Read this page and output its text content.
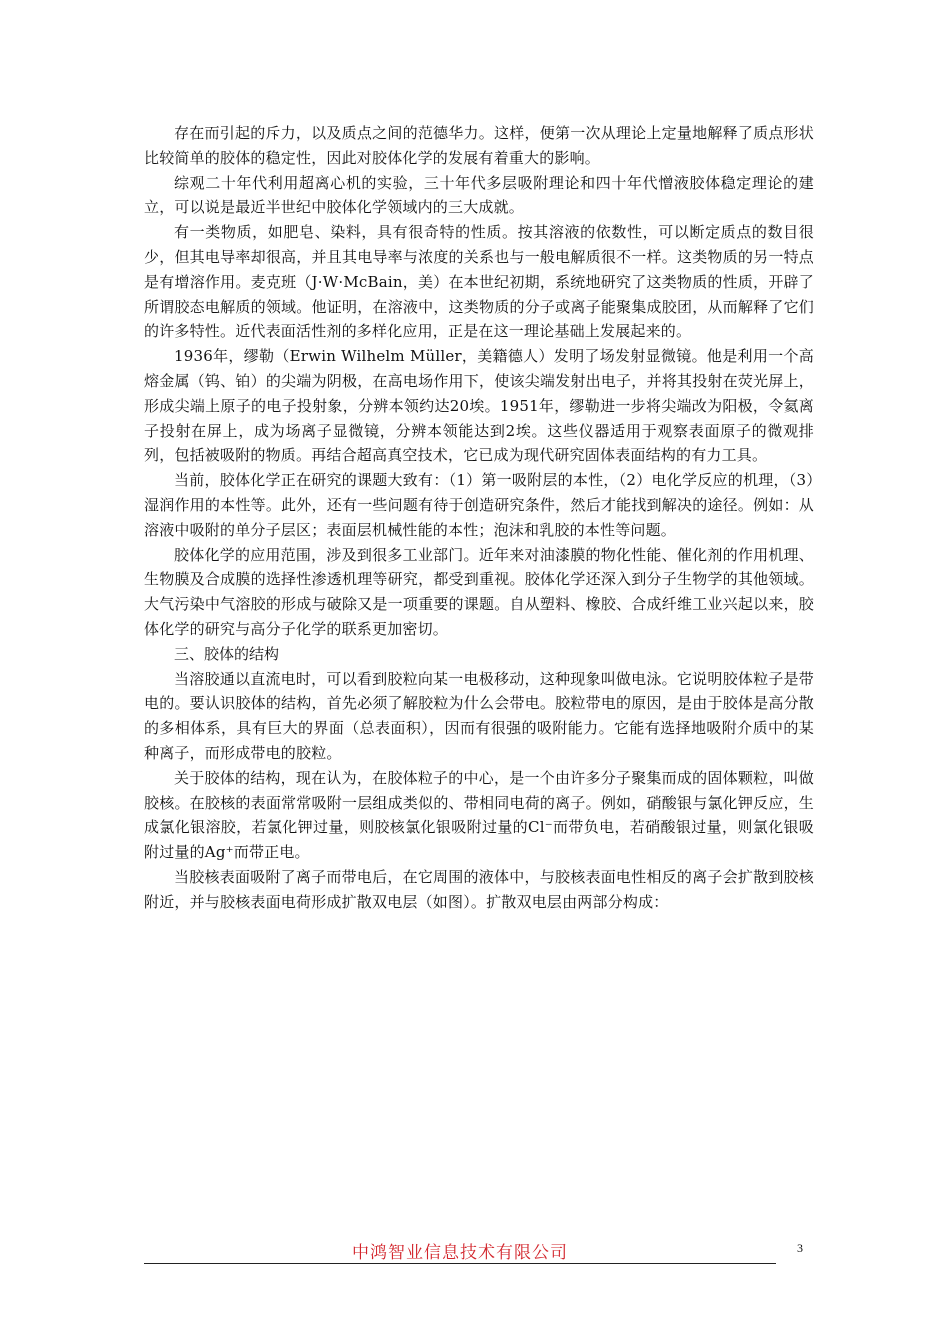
存在而引起的斥力，以及质点之间的范德华力。这样，便第一次从理论上定量地解释了质点形状比较简单的胶体的稳定性，因此对胶体化学的发展有着重大的影响。

综观二十年代利用超离心机的实验，三十年代多层吸附理论和四十年代憎液胶体稳定理论的建立，可以说是最近半世纪中胶体化学领域内的三大成就。

有一类物质，如肥皂、染料，具有很奇特的性质。按其溶液的依数性，可以断定质点的数目很少，但其电导率却很高，并且其电导率与浓度的关系也与一般电解质很不一样。这类物质的另一特点是有增溶作用。麦克班（J·W·McBain，美）在本世纪初期，系统地研究了这类物质的性质，开辟了所谓胶态电解质的领域。他证明，在溶液中，这类物质的分子或离子能聚集成胶团，从而解释了它们的许多特性。近代表面活性剂的多样化应用，正是在这一理论基础上发展起来的。

1936年，缪勒（Erwin Wilhelm Müller，美籍德人）发明了场发射显微镜。他是利用一个高熔金属（钨、铂）的尖端为阴极，在高电场作用下，使该尖端发射出电子，并将其投射在荧光屏上，形成尖端上原子的电子投射象，分辨本领约达20埃。1951年，缪勒进一步将尖端改为阳极，令氦离子投射在屏上，成为场离子显微镜，分辨本领能达到2埃。这些仪器适用于观察表面原子的微观排列，包括被吸附的物质。再结合超高真空技术，它已成为现代研究固体表面结构的有力工具。

当前，胶体化学正在研究的课题大致有：（1）第一吸附层的本性，（2）电化学反应的机理，（3）湿润作用的本性等。此外，还有一些问题有待于创造研究条件，然后才能找到解决的途径。例如：从溶液中吸附的单分子层区；表面层机械性能的本性；泡沫和乳胶的本性等问题。

胶体化学的应用范围，涉及到很多工业部门。近年来对油漆膜的物化性能、催化剂的作用机理、生物膜及合成膜的选择性渗透机理等研究，都受到重视。胶体化学还深入到分子生物学的其他领域。大气污染中气溶胶的形成与破除又是一项重要的课题。自从塑料、橡胶、合成纤维工业兴起以来，胶体化学的研究与高分子化学的联系更加密切。

三、胶体的结构

当溶胶通以直流电时，可以看到胶粒向某一电极移动，这种现象叫做电泳。它说明胶体粒子是带电的。要认识胶体的结构，首先必须了解胶粒为什么会带电。胶粒带电的原因，是由于胶体是高分散的多相体系，具有巨大的界面（总表面积），因而有很强的吸附能力。它能有选择地吸附介质中的某种离子，而形成带电的胶粒。

关于胶体的结构，现在认为，在胶体粒子的中心，是一个由许多分子聚集而成的固体颗粒，叫做胶核。在胶核的表面常常吸附一层组成类似的、带相同电荷的离子。例如，硝酸银与氯化钾反应，生成氯化银溶胶，若氯化钾过量，则胶核氯化银吸附过量的Cl⁻而带负电，若硝酸银过量，则氯化银吸附过量的Ag⁺而带正电。

当胶核表面吸附了离子而带电后，在它周围的液体中，与胶核表面电性相反的离子会扩散到胶核附近，并与胶核表面电荷形成扩散双电层（如图）。扩散双电层由两部分构成：

中鸿智业信息技术有限公司	3
